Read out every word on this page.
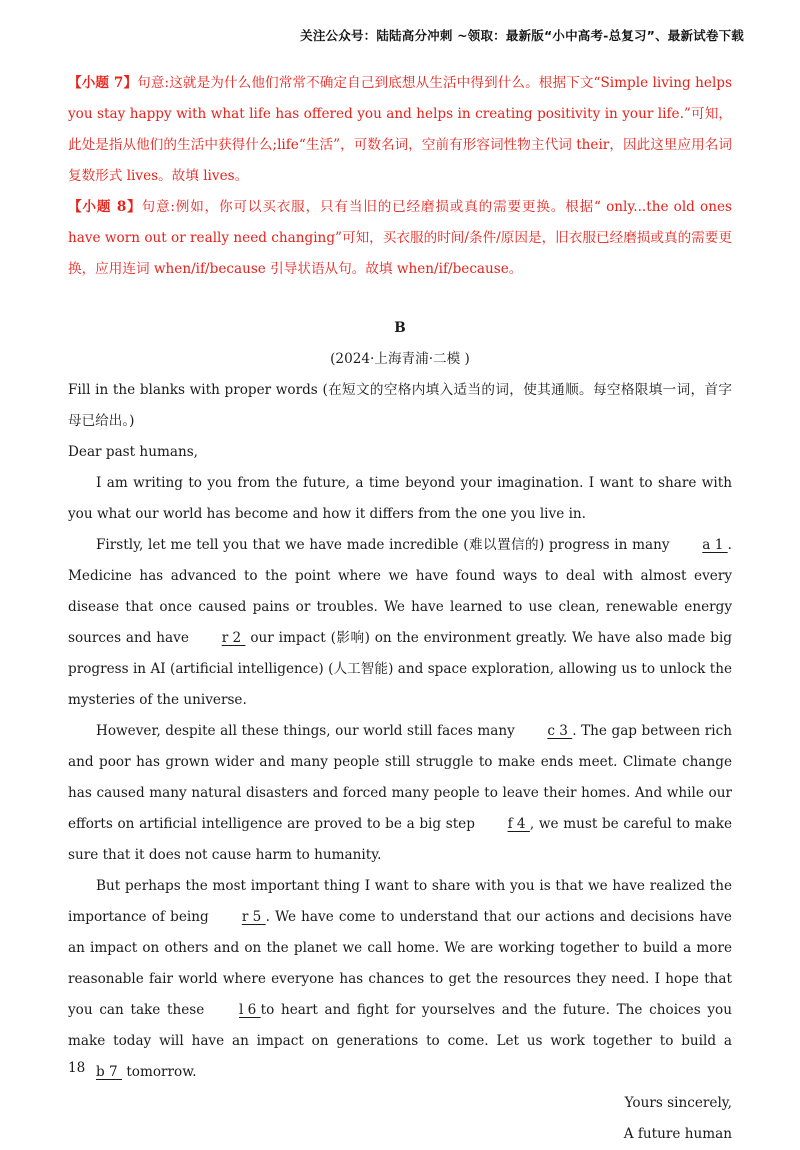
关注公众号：陆陆高分冲刺 ~领取：最新版“小中高考-总复习”、最新试卷下载

【小题 7】句意:这就是为什么他们常常不确定自己到底想从生活中得到什么。根据下文“Simple living helps you stay happy with what life has offered you and helps in creating positivity in your life.”可知，此处是指从他们的生活中获得什么;life“生活”，可数名词，空前有形容词性物主代词 their，因此这里应用名词复数形式 lives。故填 lives。

【小题 8】句意:例如，你可以买衣服，只有当旧的已经磨损或真的需要更换。根据“ only...the old ones have worn out or really need changing”可知，买衣服的时间/条件/原因是，旧衣服已经磨损或真的需要更换，应用连词 when/if/because 引导状语从句。故填 when/if/because。

B

(2024·上海青浦·二模 )

Fill in the blanks with proper words (在短文的空格内填入适当的词，使其通顺。每空格限填一词，首字母已给出。)

Dear past humans,

I am writing to you from the future, a time beyond your imagination. I want to share with you what our world has become and how it differs from the one you live in.

Firstly, let me tell you that we have made incredible (难以置信的) progress in many a 1 . Medicine has advanced to the point where we have found ways to deal with almost every disease that once caused pains or troubles. We have learned to use clean, renewable energy sources and have r 2  our impact (影响) on the environment greatly. We have also made big progress in AI (artificial intelligence) (人工智能) and space exploration, allowing us to unlock the mysteries of the universe.

However, despite all these things, our world still faces many c 3 . The gap between rich and poor has grown wider and many people still struggle to make ends meet. Climate change has caused many natural disasters and forced many people to leave their homes. And while our efforts on artificial intelligence are proved to be a big step f 4 , we must be careful to make sure that it does not cause harm to humanity.

But perhaps the most important thing I want to share with you is that we have realized the importance of being r 5 . We have come to understand that our actions and decisions have an impact on others and on the planet we call home. We are working together to build a more reasonable fair world where everyone has chances to get the resources they need. I hope that you can take these l 6 to heart and fight for yourselves and the future. The choices you make today will have an impact on generations to come. Let us work together to build a b 7  tomorrow.

Yours sincerely,

A future human

18
